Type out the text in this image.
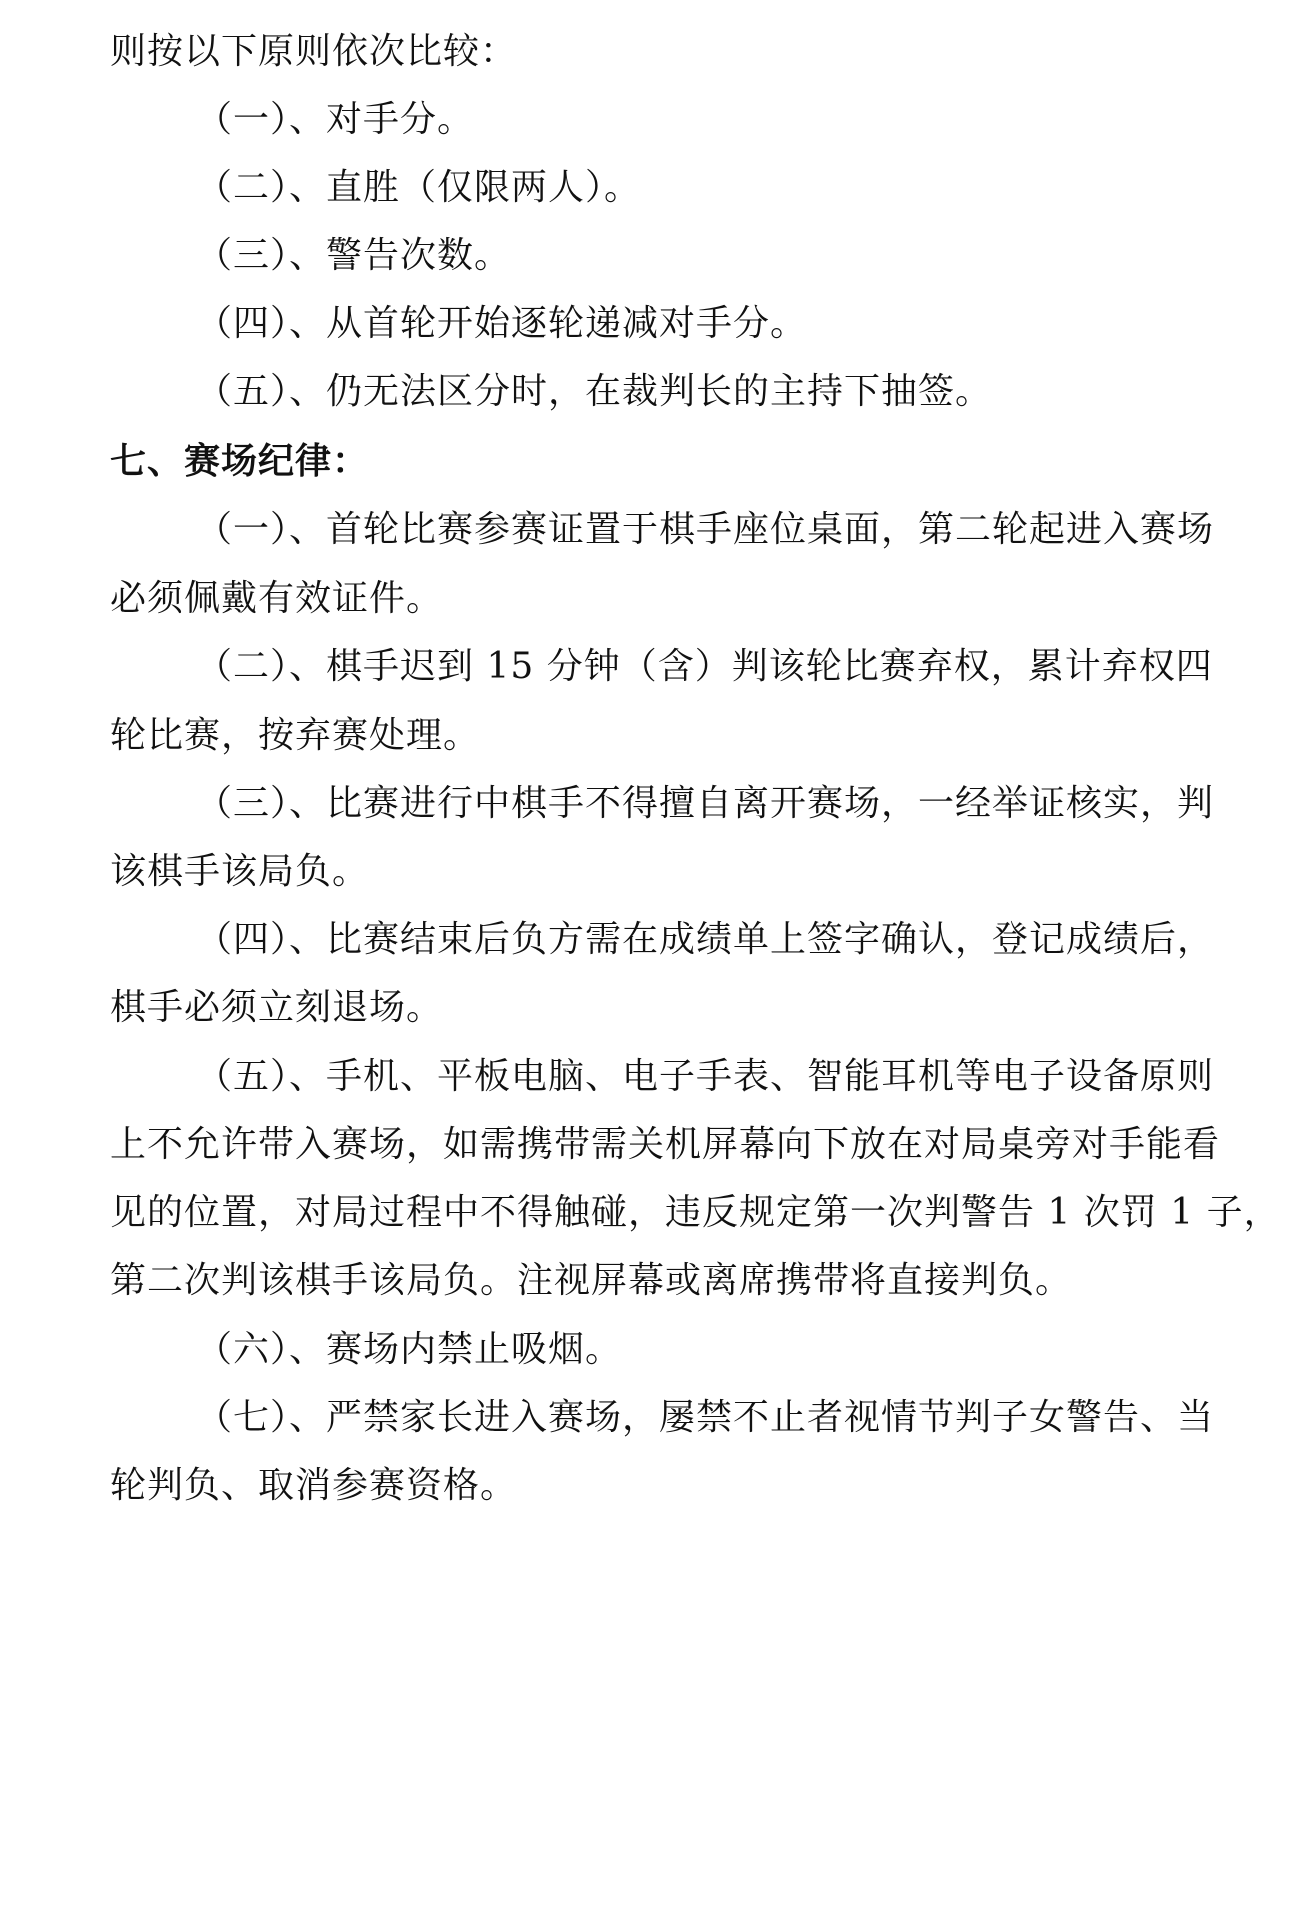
则按以下原则依次比较：
（一）、对手分。
（二）、直胜（仅限两人）。
（三）、警告次数。
（四）、从首轮开始逐轮递减对手分。
（五）、仍无法区分时，在裁判长的主持下抽签。
七、赛场纪律：
（一）、首轮比赛参赛证置于棋手座位桌面，第二轮起进入赛场
必须佩戴有效证件。
（二）、棋手迟到 15 分钟（含）判该轮比赛弃权，累计弃权四
轮比赛，按弃赛处理。
（三）、比赛进行中棋手不得擅自离开赛场，一经举证核实，判
该棋手该局负。
（四）、比赛结束后负方需在成绩单上签字确认，登记成绩后，
棋手必须立刻退场。
（五）、手机、平板电脑、电子手表、智能耳机等电子设备原则
上不允许带入赛场，如需携带需关机屏幕向下放在对局桌旁对手能看
见的位置，对局过程中不得触碰，违反规定第一次判警告 1 次罚 1 子，
第二次判该棋手该局负。注视屏幕或离席携带将直接判负。
（六）、赛场内禁止吸烟。
（七）、严禁家长进入赛场，屡禁不止者视情节判子女警告、当
轮判负、取消参赛资格。
